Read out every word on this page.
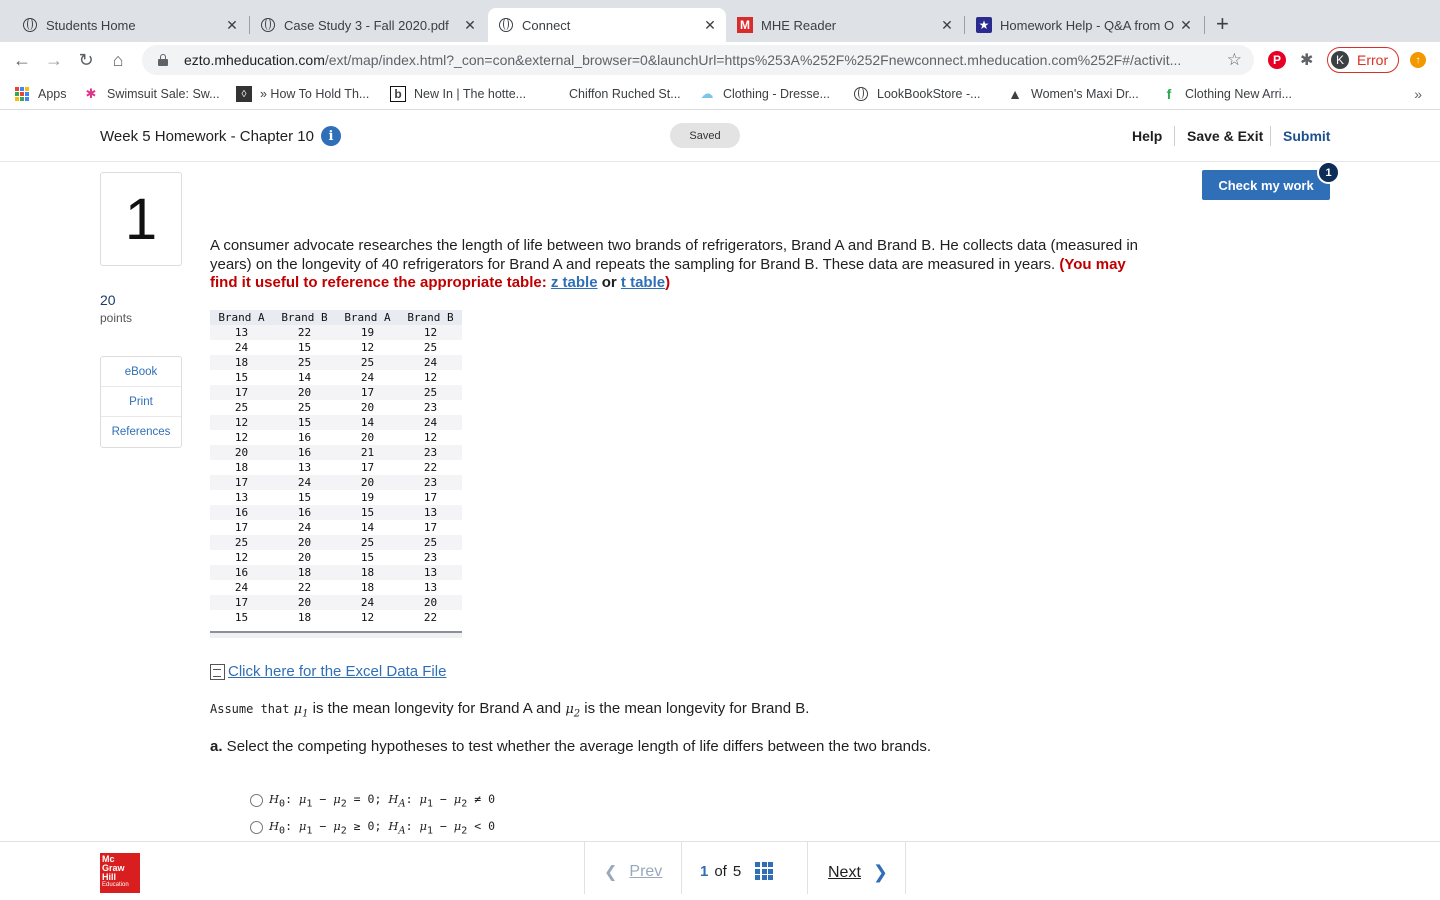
Students Home	✕	Case Study 3 - Fall 2020.pdf	✕	Connect	✕ M MHE Reader	✕ ★ Homework Help - Q&A from O ✕ +
← → ↻	⌂	ezto.mheducation.com/ext/map/index.html?_con=con&external_browser=0&launchUrl=https%253A%252F%252Fnewconnect.mheducation.com%252F#/activit...	☆	P	✱	K Error	↑
Apps ✱ Swimsuit Sale: Sw...	◊	» How To Hold Th...	b New In | The hotte...	Chiffon Ruched St... ☁ Clothing - Dresse...	LookBookStore -... ▲ Women's Maxi Dr...	f	Clothing New Arri...	»
Week 5 Homework - Chapter 10	i	Saved	Help Save & Exit Submit
1
20
points
eBook
Print
References
Check my work
1
A consumer advocate researches the length of life between two brands of refrigerators, Brand A and Brand B. He collects data (measured in years) on the longevity of 40 refrigerators for Brand A and repeats the sampling for Brand B. These data are measured in years. (You may find it useful to reference the appropriate table: z table or t table)
Brand A	Brand B	Brand A	Brand B
13	22	19	12
24	15	12	25
18	25	25	24
15	14	24	12
17	20	17	25
25	25	20	23
12	15	14	24
12	16	20	12
20	16	21	23
18	13	17	22
17	24	20	23
13	15	19	17
16	16	15	13
17	24	14	17
25	20	25	25
12	20	15	23
16	18	18	13
24	22	18	13
17	20	24	20
15	18	12	22
Click here for the Excel Data File
Assume that $\mu_1$ is the mean longevity for Brand A and $\mu_2$ is the mean longevity for Brand B.
a. Select the competing hypotheses to test whether the average length of life differs between the two brands.
$H_0$: $\mu_1 - \mu_2 = 0$; $H_A$: $\mu_1 - \mu_2 \ne 0$
$H_0$: $\mu_1 - \mu_2 \ge 0$; $H_A$: $\mu_1 - \mu_2 < 0$
Mc
Graw
Hill
Education
❮ Prev	1 of 5	Next ❯
